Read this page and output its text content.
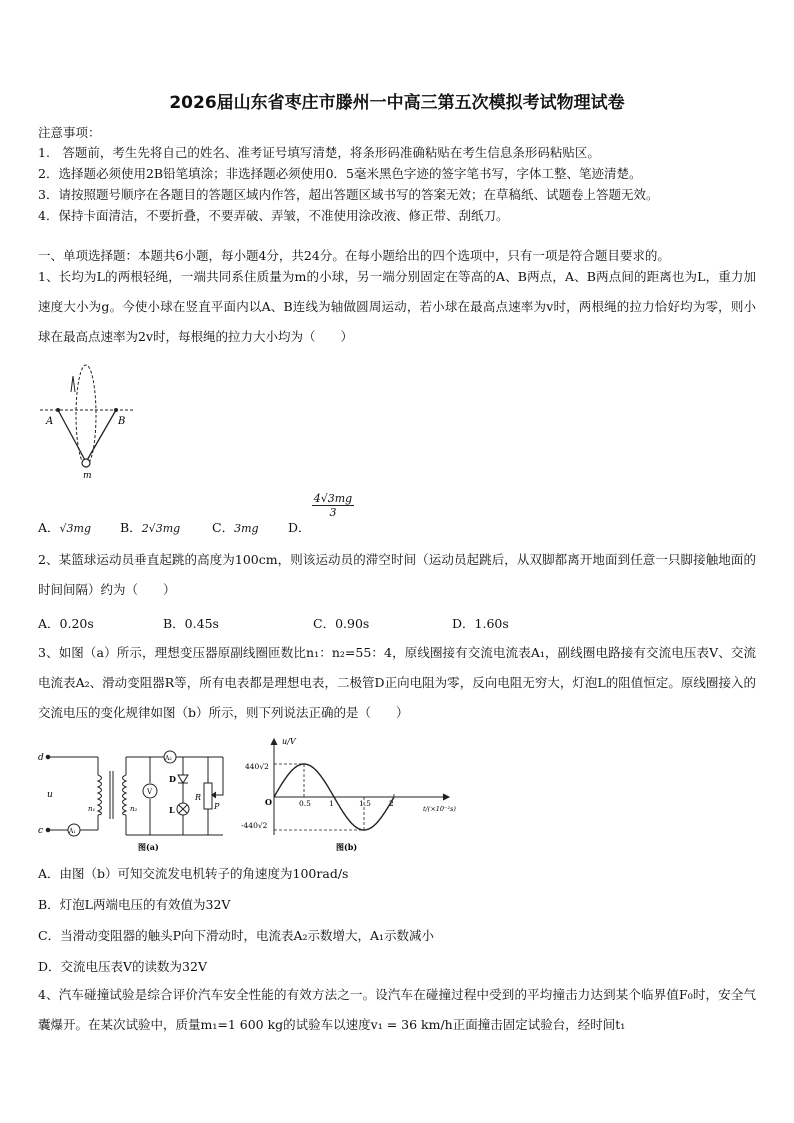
2026届山东省枣庄市滕州一中高三第五次模拟考试物理试卷
注意事项：
1.　答题前，考生先将自己的姓名、准考证号填写清楚，将条形码准确粘贴在考生信息条形码粘贴区。
2．选择题必须使用2B铅笔填涂；非选择题必须使用0．5毫米黑色字迹的签字笔书写，字体工整、笔迹清楚。
3．请按照题号顺序在各题目的答题区域内作答，超出答题区域书写的答案无效；在草稿纸、试题卷上答题无效。
4．保持卡面清洁，不要折叠，不要弄破、弄皱，不准使用涂改液、修正带、刮纸刀。
一、单项选择题：本题共6小题，每小题4分，共24分。在每小题给出的四个选项中，只有一项是符合题目要求的。
1、长均为L的两根轻绳，一端共同系住质量为m的小球，另一端分别固定在等高的A、B两点，A、B两点间的距离也为L，重力加速度大小为g。今使小球在竖直平面内以A、B连线为轴做圆周运动，若小球在最高点速率为v时，两根绳的拉力恰好均为零，则小球在最高点速率为2v时，每根绳的拉力大小均为（　　）
A	B
m
A．√3mg B．2√3mg	C．3mg D．
4√3mg
3
2、某篮球运动员垂直起跳的高度为100cm，则该运动员的滞空时间（运动员起跳后，从双脚都离开地面到任意一只脚接触地面的时间间隔）约为（　　）
A．0.20s	B．0.45s	C．0.90s	D．1.60s
3、如图（a）所示，理想变压器原副线圈匝数比n₁：n₂=55：4，原线圈接有交流电流表A₁，副线圈电路接有交流电压表V、交流电流表A₂、滑动变阻器R等，所有电表都是理想电表，二极管D正向电阻为零，反向电阻无穷大，灯泡L的阻值恒定。原线圈接入的交流电压的变化规律如图（b）所示，则下列说法正确的是（　　）
d
c
u
A₁
n₁	n₂
A₂
V
D
L
R
P
图(a)
0.5 1	1.5 2
u/V
t/(×10⁻²s)
440√2
-440√2
O
图(b)
A．由图（b）可知交流发电机转子的角速度为100rad/s
B．灯泡L两端电压的有效值为32V
C．当滑动变阻器的触头P向下滑动时，电流表A₂示数增大，A₁示数减小
D．交流电压表V的读数为32V
4、汽车碰撞试验是综合评价汽车安全性能的有效方法之一。设汽车在碰撞过程中受到的平均撞击力达到某个临界值F₀时，安全气囊爆开。在某次试验中，质量m₁=1 600 kg的试验车以速度v₁ = 36 km/h正面撞击固定试验台，经时间t₁
